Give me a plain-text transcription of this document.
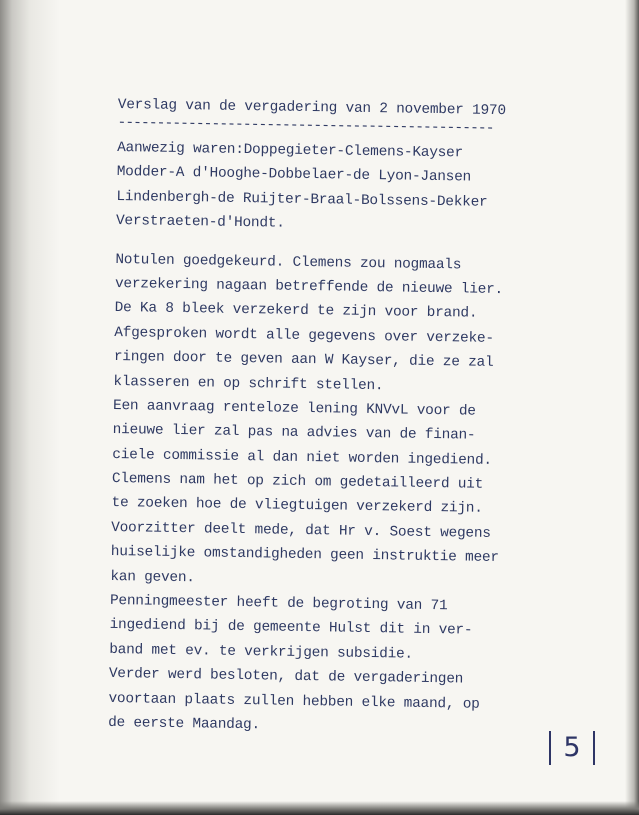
Verslag van de vergadering van 2 november 1970
------------------------------------------------
Aanwezig waren:Doppegieter-Clemens-Kayser
Modder-A d'Hooghe-Dobbelaer-de Lyon-Jansen
Lindenbergh-de Ruijter-Braal-Bolssens-Dekker
Verstraeten-d'Hondt.
Notulen goedgekeurd. Clemens zou nogmaals
verzekering nagaan betreffende de nieuwe lier.
De Ka 8 bleek verzekerd te zijn voor brand.
Afgesproken wordt alle gegevens over verzeke-
ringen door te geven aan W Kayser, die ze zal
klasseren en op schrift stellen.
Een aanvraag renteloze lening KNVvL voor de
nieuwe lier zal pas na advies van de finan-
ciele commissie al dan niet worden ingediend.
Clemens nam het op zich om gedetailleerd uit
te zoeken hoe de vliegtuigen verzekerd zijn.
Voorzitter deelt mede, dat Hr v. Soest wegens
huiselijke omstandigheden geen instruktie meer
kan geven.
Penningmeester heeft de begroting van 71
ingediend bij de gemeente Hulst dit in ver-
band met ev. te verkrijgen subsidie.
Verder werd besloten, dat de vergaderingen
voortaan plaats zullen hebben elke maand, op
de eerste Maandag.
5
